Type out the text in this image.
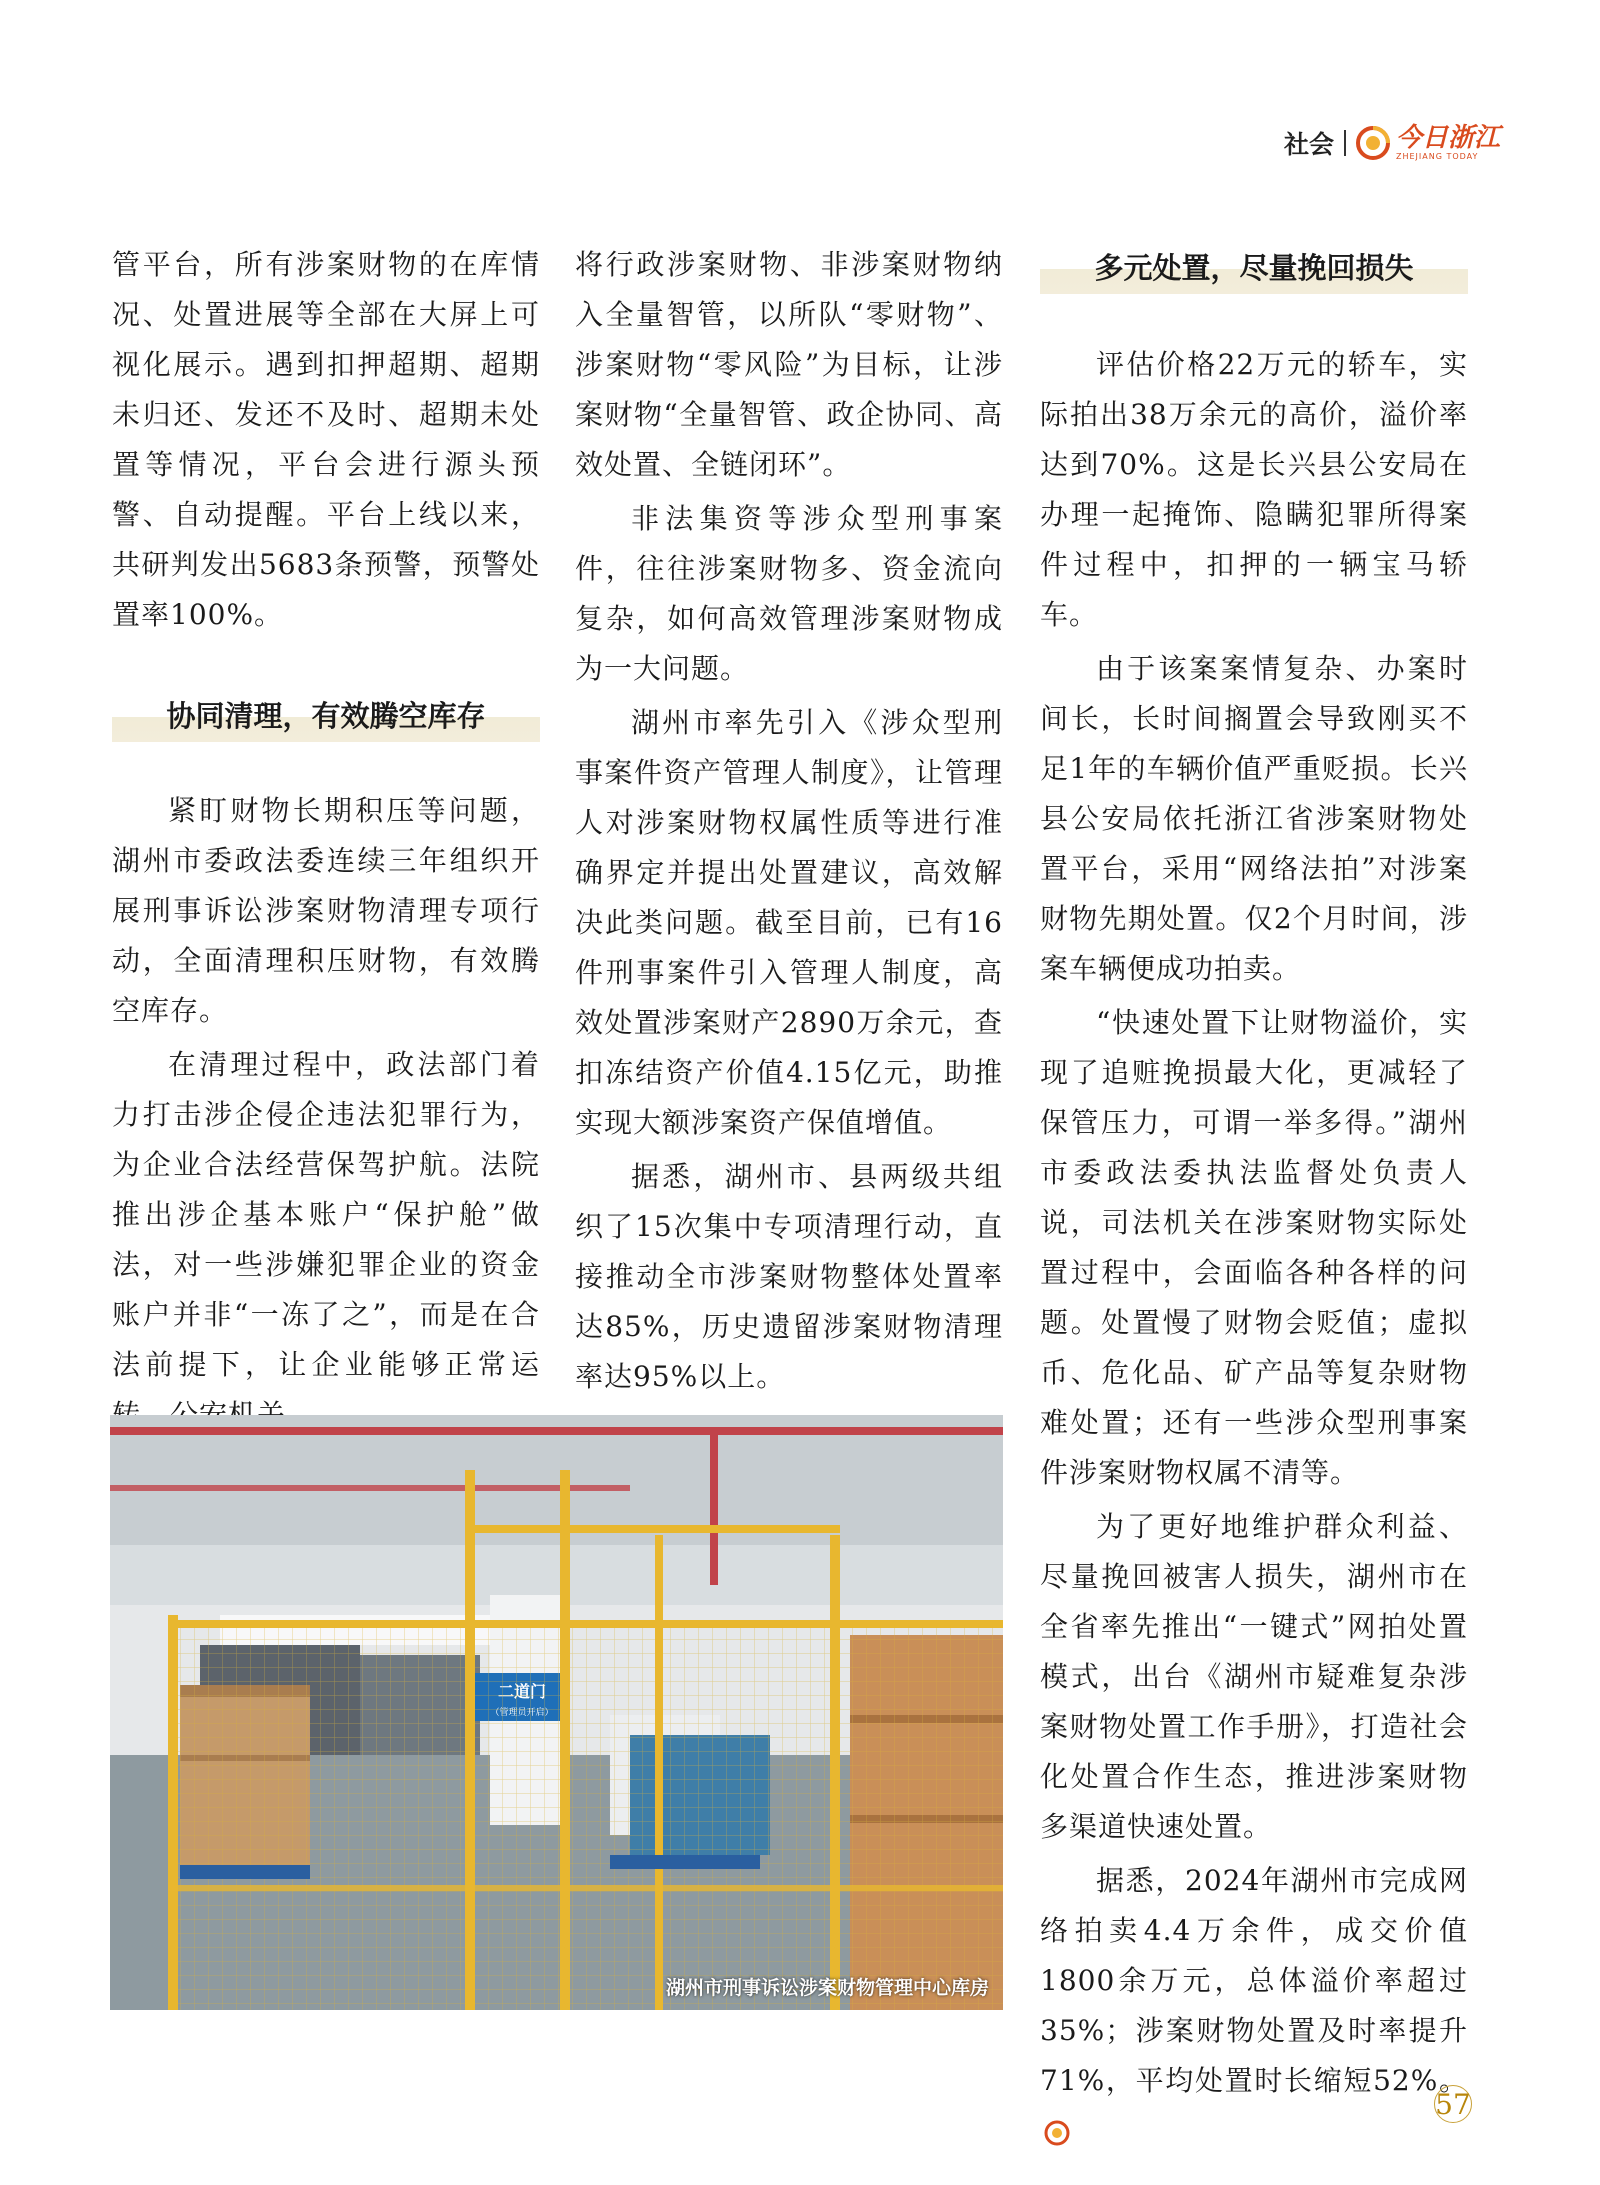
社会 今日浙江
ZHEJIANG TODAY

管平台，所有涉案财物的在库情况、处置进展等全部在大屏上可视化展示。遇到扣押超期、超期未归还、发还不及时、超期未处置等情况，平台会进行源头预警、自动提醒。平台上线以来，共研判发出5683条预警，预警处置率100%。

协同清理，有效腾空库存

紧盯财物长期积压等问题，湖州市委政法委连续三年组织开展刑事诉讼涉案财物清理专项行动，全面清理积压财物，有效腾空库存。

在清理过程中，政法部门着力打击涉企侵企违法犯罪行为，为企业合法经营保驾护航。法院推出涉企基本账户“保护舱”做法，对一些涉嫌犯罪企业的资金账户并非“一冻了之”，而是在合法前提下，让企业能够正常运

将行政涉案财物、非涉案财物纳入全量智管，以所队“零财物”、涉案财物“零风险”为目标，让涉案财物“全量智管、政企协同、高效处置、全链闭环”。

非法集资等涉众型刑事案件，往往涉案财物多、资金流向复杂，如何高效管理涉案财物成为一大问题。

湖州市率先引入《涉众型刑事案件资产管理人制度》，让管理人对涉案财物权属性质等进行准确界定并提出处置建议，高效解决此类问题。截至目前，已有16件刑事案件引入管理人制度，高效处置涉案财产2890万余元，查扣冻结资产价值4.15亿元，助推实现大额涉案资产保值增值。

据悉，湖州市、县两级共组织了15次集中专项清理行动，直接推动全市涉案财物整体处置率达85%，历史遗留涉案财物清理率达95%以上。

多元处置，尽量挽回损失

评估价格22万元的轿车，实际拍出38万余元的高价，溢价率达到70%。这是长兴县公安局在办理一起掩饰、隐瞒犯罪所得案件过程中，扣押的一辆宝马轿车。

由于该案案情复杂、办案时间长，长时间搁置会导致刚买不足1年的车辆价值严重贬损。长兴县公安局依托浙江省涉案财物处置平台，采用“网络法拍”对涉案财物先期处置。仅2个月时间，涉案车辆便成功拍卖。

“快速处置下让财物溢价，实现了追赃挽损最大化，更减轻了保管压力，可谓一举多得。”湖州市委政法委执法监督处负责人说，司法机关在涉案财物实际处置过程中，会面临各种各样的问题。处置慢了财物会贬值；虚拟币、危化品、矿产品等复杂财物难处置；还有一些涉众型刑事案件涉案财物权属不清等。

为了更好地维护群众利益、尽量挽回被害人损失，湖州市在全省率先推出“一键式”网拍处置模式，出台《湖州市疑难复杂涉案财物处置工作手册》，打造社会化处置合作生态，推进涉案财物多渠道快速处置。

据悉，2024年湖州市完成网络拍卖4.4万余件，成交价值1800余万元，总体溢价率超过35%；涉案财物处置及时率提升71%，平均处置时长缩短52%。

湖州市刑事诉讼涉案财物管理中心库房
57
